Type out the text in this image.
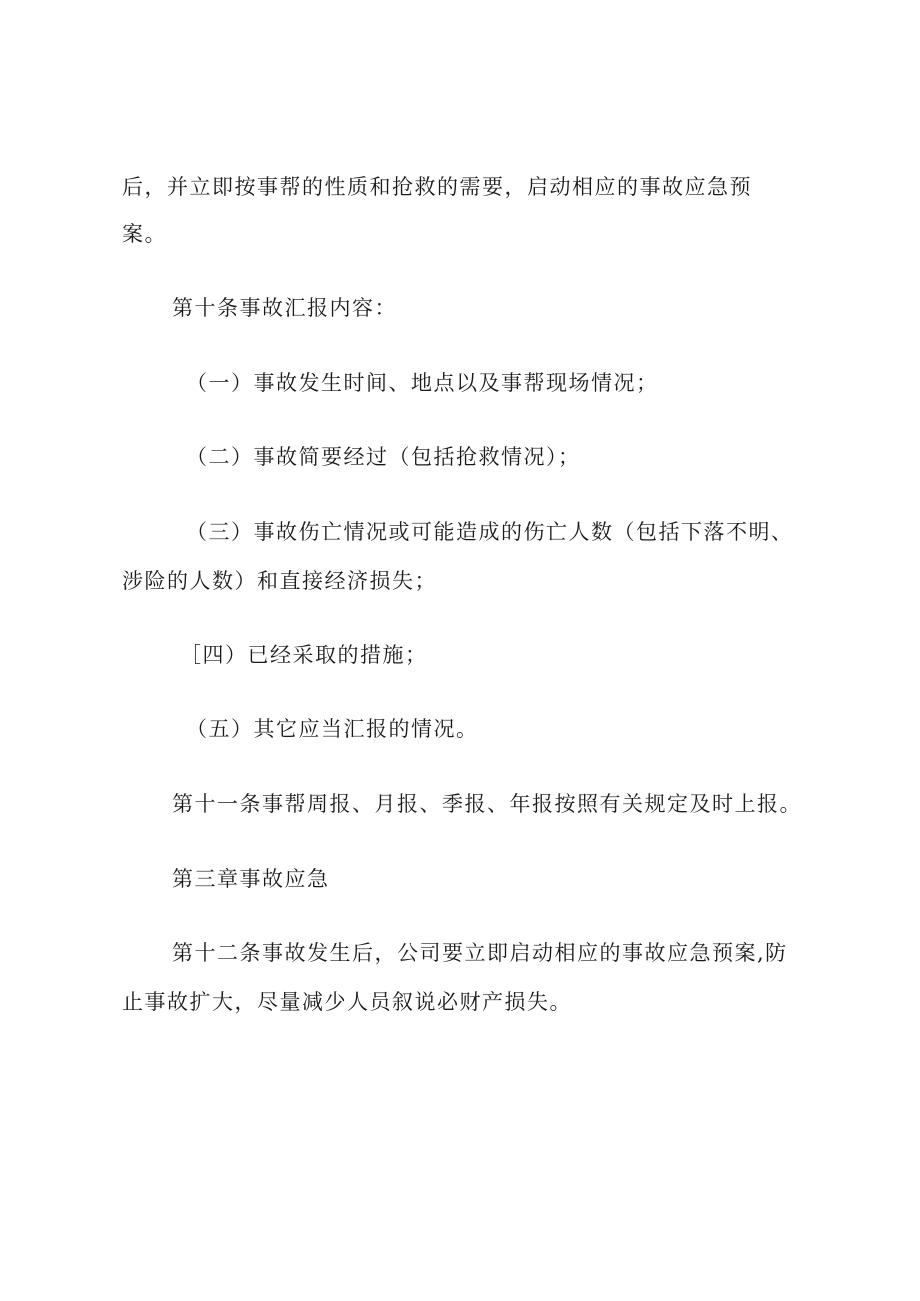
后，并立即按事帮的性质和抢救的需要，启动相应的事故应急预
案。
第十条事故汇报内容：
（一）事故发生时间、地点以及事帮现场情况；
（二）事故简要经过（包括抢救情况）；
（三）事故伤亡情况或可能造成的伤亡人数（包括下落不明、
涉险的人数）和直接经济损失；
［四）已经采取的措施；
（五）其它应当汇报的情况。
第十一条事帮周报、月报、季报、年报按照有关规定及时上报。
第三章事故应急
第十二条事故发生后，公司要立即启动相应的事故应急预案,防
止事故扩大，尽量减少人员叙说必财产损失。
